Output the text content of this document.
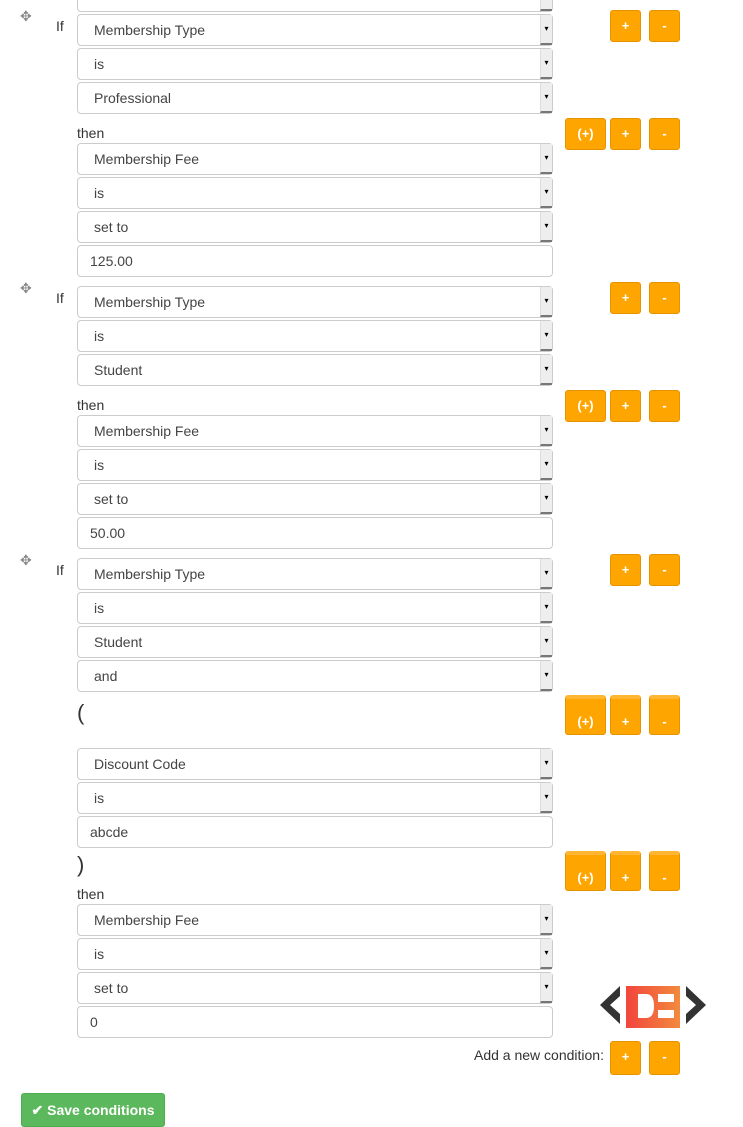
✥
If	Membership Type	▾
is	▾
Professional	▾
+	-
then	(+)	+	-
Membership Fee	▾
is	▾
set to	▾
125.00
✥
If	Membership Type	▾
is	▾
Student	▾
+	-
then	(+)	+	-
Membership Fee	▾
is	▾
set to	▾
50.00
✥
If	Membership Type	▾
is	▾
Student	▾
and	▾
+	-
(	(+)	+	-
Discount Code	▾
is	▾
abcde
)
(+)	+	-
then
Membership Fee	▾
is	▾
set to	▾
0
Add a new condition:	+	-
✔ Save conditions
